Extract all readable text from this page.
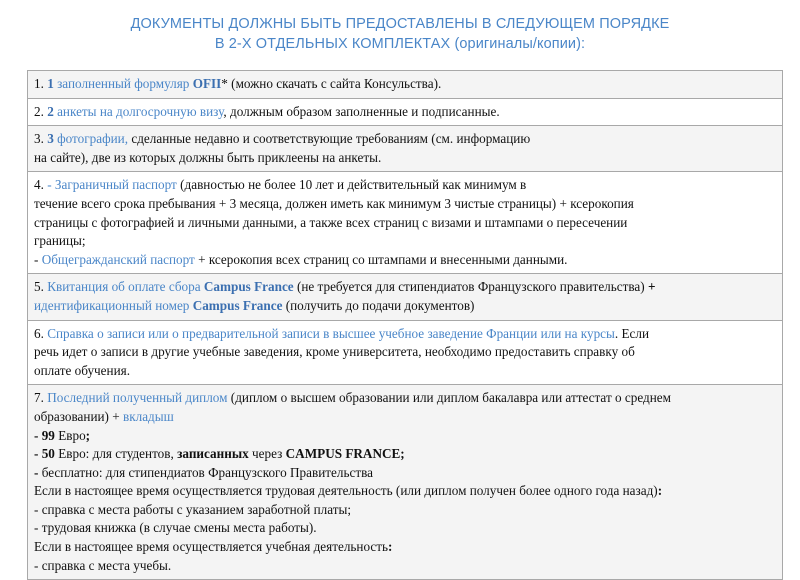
ДОКУМЕНТЫ ДОЛЖНЫ БЫТЬ ПРЕДОСТАВЛЕНЫ В СЛЕДУЮЩЕМ ПОРЯДКЕ
В 2-Х ОТДЕЛЬНЫХ КОМПЛЕКТАХ (оригиналы/копии):
1. 1 заполненный формуляр OFII* (можно скачать с сайта Консульства).
2. 2 анкеты на долгосрочную визу, должным образом заполненные и подписанные.
3. 3 фотографии, сделанные недавно и соответствующие требованиям (см. информацию
на сайте), две из которых должны быть приклеены на анкеты.
4. - Заграничный паспорт (давностью не более 10 лет и действительный как минимум в
течение всего срока пребывания + 3 месяца, должен иметь как минимум 3 чистые страницы) + ксерокопия
страницы с фотографией и личными данными, а также всех страниц с визами и штампами о пересечении
границы;
- Общегражданский паспорт + ксерокопия всех страниц со штампами и внесенными данными.
5. Квитанция об оплате сбора Campus France (не требуется для стипендиатов Французского правительства) +
идентификационный номер Campus France (получить до подачи документов)
6. Справка о записи или о предварительной записи в высшее учебное заведение Франции или на курсы. Если
речь идет о записи в другие учебные заведения, кроме университета, необходимо предоставить справку об
оплате обучения.
7. Последний полученный диплом (диплом о высшем образовании или диплом бакалавра или аттестат о среднем
образовании) + вкладыш
- 99 Евро;
- 50 Евро: для студентов, записанных через CAMPUS FRANCE;
- бесплатно: для стипендиатов Французского Правительства
Если в настоящее время осуществляется трудовая деятельность (или диплом получен более одного года назад):
- справка с места работы с указанием заработной платы;
- трудовая книжка (в случае смены места работы).
Если в настоящее время осуществляется учебная деятельность:
- справка с места учебы.
